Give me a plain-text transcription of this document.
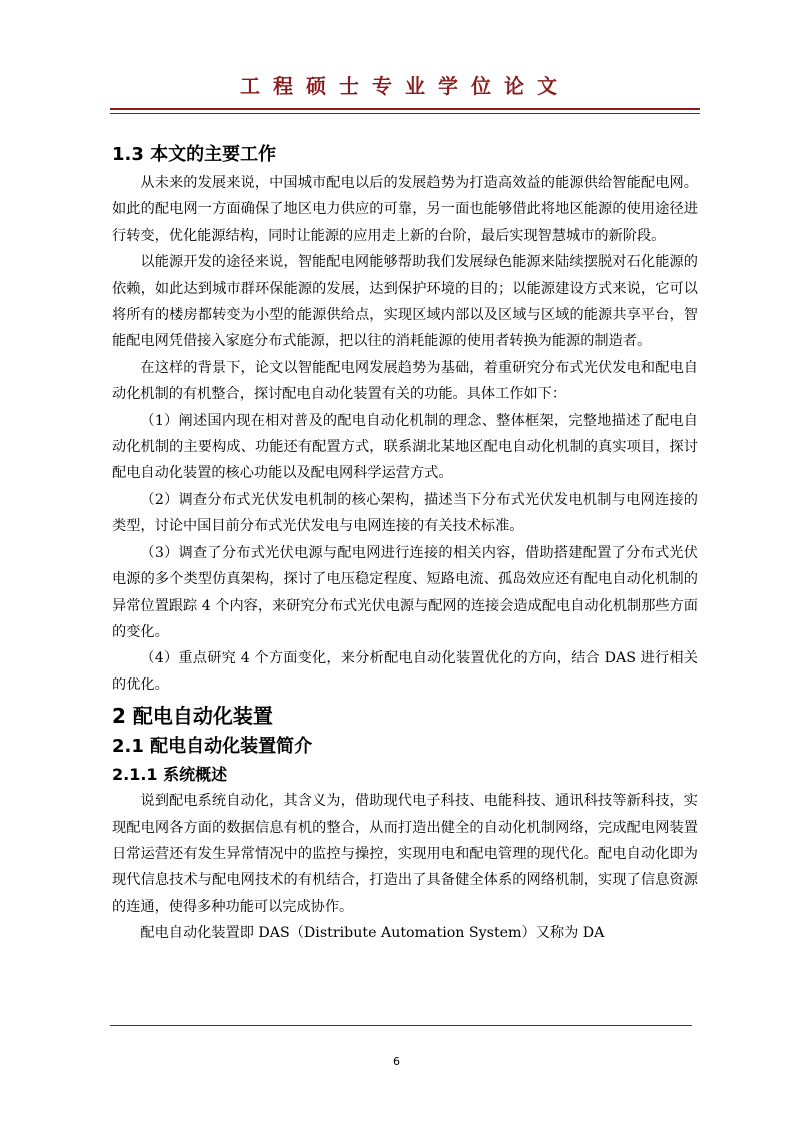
工程硕士专业学位论文
1.3 本文的主要工作

从未来的发展来说，中国城市配电以后的发展趋势为打造高效益的能源供给智能配电网。如此的配电网一方面确保了地区电力供应的可靠，另一面也能够借此将地区能源的使用途径进行转变，优化能源结构，同时让能源的应用走上新的台阶，最后实现智慧城市的新阶段。

以能源开发的途径来说，智能配电网能够帮助我们发展绿色能源来陆续摆脱对石化能源的依赖，如此达到城市群环保能源的发展，达到保护环境的目的；以能源建设方式来说，它可以将所有的楼房都转变为小型的能源供给点，实现区域内部以及区域与区域的能源共享平台，智能配电网凭借接入家庭分布式能源，把以往的消耗能源的使用者转换为能源的制造者。

在这样的背景下，论文以智能配电网发展趋势为基础，着重研究分布式光伏发电和配电自动化机制的有机整合，探讨配电自动化装置有关的功能。具体工作如下：

（1）阐述国内现在相对普及的配电自动化机制的理念、整体框架，完整地描述了配电自动化机制的主要构成、功能还有配置方式，联系湖北某地区配电自动化机制的真实项目，探讨配电自动化装置的核心功能以及配电网科学运营方式。

（2）调查分布式光伏发电机制的核心架构，描述当下分布式光伏发电机制与电网连接的类型，讨论中国目前分布式光伏发电与电网连接的有关技术标准。

（3）调查了分布式光伏电源与配电网进行连接的相关内容，借助搭建配置了分布式光伏电源的多个类型仿真架构，探讨了电压稳定程度、短路电流、孤岛效应还有配电自动化机制的异常位置跟踪 4 个内容，来研究分布式光伏电源与配网的连接会造成配电自动化机制那些方面的变化。

（4）重点研究 4 个方面变化，来分析配电自动化装置优化的方向，结合 DAS 进行相关的优化。

2 配电自动化装置
2.1 配电自动化装置简介
2.1.1 系统概述

说到配电系统自动化，其含义为，借助现代电子科技、电能科技、通讯科技等新科技，实现配电网各方面的数据信息有机的整合，从而打造出健全的自动化机制网络，完成配电网装置日常运营还有发生异常情况中的监控与操控，实现用电和配电管理的现代化。配电自动化即为现代信息技术与配电网技术的有机结合，打造出了具备健全体系的网络机制，实现了信息资源的连通，使得多种功能可以完成协作。

配电自动化装置即 DAS（Distribute Automation System）又称为 DA

6
